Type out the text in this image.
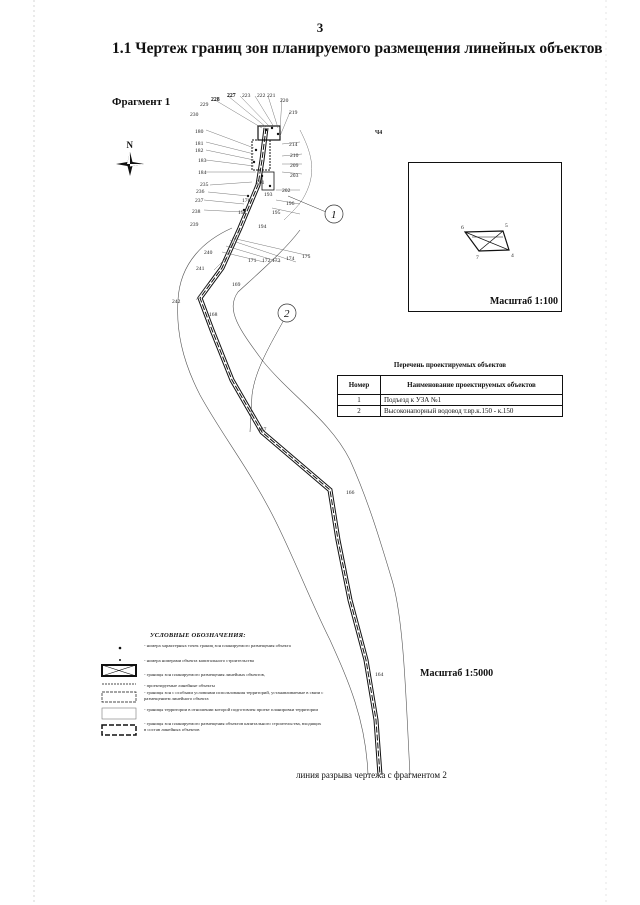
3
1.1 Чертеж границ зон планируемого размещения линейных объектов
Фрагмент 1	228
227 223 222 221
220
219
229
230
180
181
182
183
184
235
236
237
238
239
240
241
242
214
210
209
203
202
196
195
194
192
176
201
193
171 172 173 174 175
169
168
167
166
164
1
2
Ч4
N
6	5
7	4
Масштаб 1:100
Перечень проектируемых объектов
Номер	Наименование проектируемых объектов
1	Подъезд к УЗА №1
2	Высоконапорный водовод т.вр.к.150 - к.150
Масштаб 1:5000
УСЛОВНЫЕ ОБОЗНАЧЕНИЯ:
- номера характерных точек границ зон планируемого размещения объекта
- номера номерами объекта капитального строительства
- границы зон планируемого размещения линейных объектов,
- проектируемые линейные объекты
- границы зон с особыми условиями использования территорий, устанавливаемые в связи с размещением линейного объекта
- границы территории в отношении которой подготовлен проект планировки территории
- границы зон планируемого размещения объектов капитального строительства, входящих в состав линейных объектов
линия разрыва чертежа с фрагментом 2
